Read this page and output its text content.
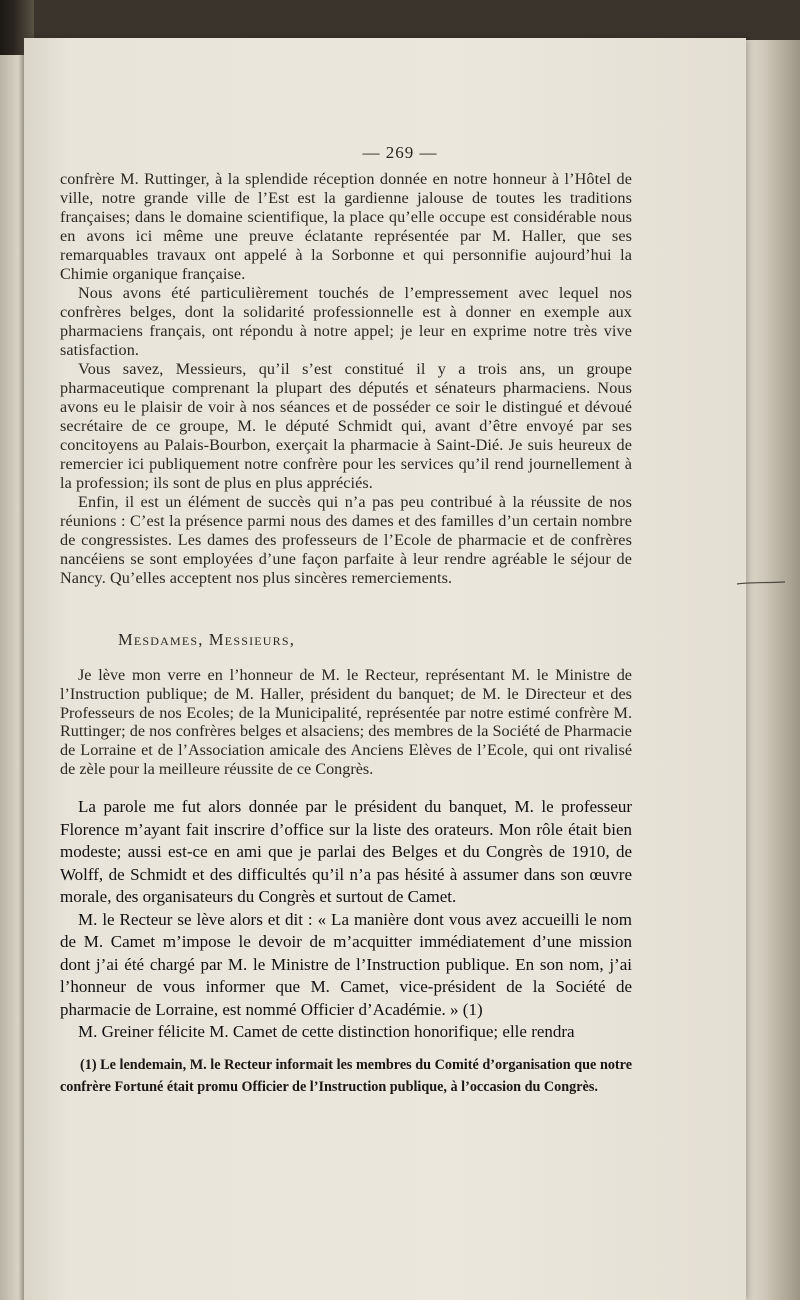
— 269 —

confrère M. Ruttinger, à la splendide réception donnée en notre honneur à l’Hôtel de ville, notre grande ville de l’Est est la gardienne jalouse de toutes les traditions françaises; dans le domaine scientifique, la place qu’elle occupe est considérable nous en avons ici même une preuve éclatante représentée par M. Haller, que ses remarquables travaux ont appelé à la Sorbonne et qui personnifie aujourd’hui la Chimie organique française.

Nous avons été particulièrement touchés de l’empressement avec lequel nos confrères belges, dont la solidarité professionnelle est à donner en exemple aux pharmaciens français, ont répondu à notre appel; je leur en exprime notre très vive satisfaction.

Vous savez, Messieurs, qu’il s’est constitué il y a trois ans, un groupe pharmaceutique comprenant la plupart des députés et sénateurs pharmaciens. Nous avons eu le plaisir de voir à nos séances et de posséder ce soir le distingué et dévoué secrétaire de ce groupe, M. le député Schmidt qui, avant d’être envoyé par ses concitoyens au Palais-Bourbon, exerçait la pharmacie à Saint-Dié. Je suis heureux de remercier ici publiquement notre confrère pour les services qu’il rend journellement à la profession; ils sont de plus en plus appréciés.

Enfin, il est un élément de succès qui n’a pas peu contribué à la réussite de nos réunions : C’est la présence parmi nous des dames et des familles d’un certain nombre de congressistes. Les dames des professeurs de l’Ecole de pharmacie et de confrères nancéiens se sont employées d’une façon parfaite à leur rendre agréable le séjour de Nancy. Qu’elles acceptent nos plus sincères remerciements.

Mesdames, Messieurs,

Je lève mon verre en l’honneur de M. le Recteur, représentant M. le Ministre de l’Instruction publique; de M. Haller, président du banquet; de M. le Directeur et des Professeurs de nos Ecoles; de la Municipalité, représentée par notre estimé confrère M. Ruttinger; de nos confrères belges et alsaciens; des membres de la Société de Pharmacie de Lorraine et de l’Association amicale des Anciens Elèves de l’Ecole, qui ont rivalisé de zèle pour la meilleure réussite de ce Congrès.

La parole me fut alors donnée par le président du banquet, M. le professeur Florence m’ayant fait inscrire d’office sur la liste des orateurs. Mon rôle était bien modeste; aussi est-ce en ami que je parlai des Belges et du Congrès de 1910, de Wolff, de Schmidt et des difficultés qu’il n’a pas hésité à assumer dans son œuvre morale, des organisateurs du Congrès et surtout de Camet.

M. le Recteur se lève alors et dit : « La manière dont vous avez accueilli le nom de M. Camet m’impose le devoir de m’acquitter immédiatement d’une mission dont j’ai été chargé par M. le Ministre de l’Instruction publique. En son nom, j’ai l’honneur de vous informer que M. Camet, vice-président de la Société de pharmacie de Lorraine, est nommé Officier d’Académie. » (1)

M. Greiner félicite M. Camet de cette distinction honorifique; elle rendra

(1) Le lendemain, M. le Recteur informait les membres du Comité d’organisation que notre confrère Fortuné était promu Officier de l’Instruction publique, à l’occasion du Congrès.
